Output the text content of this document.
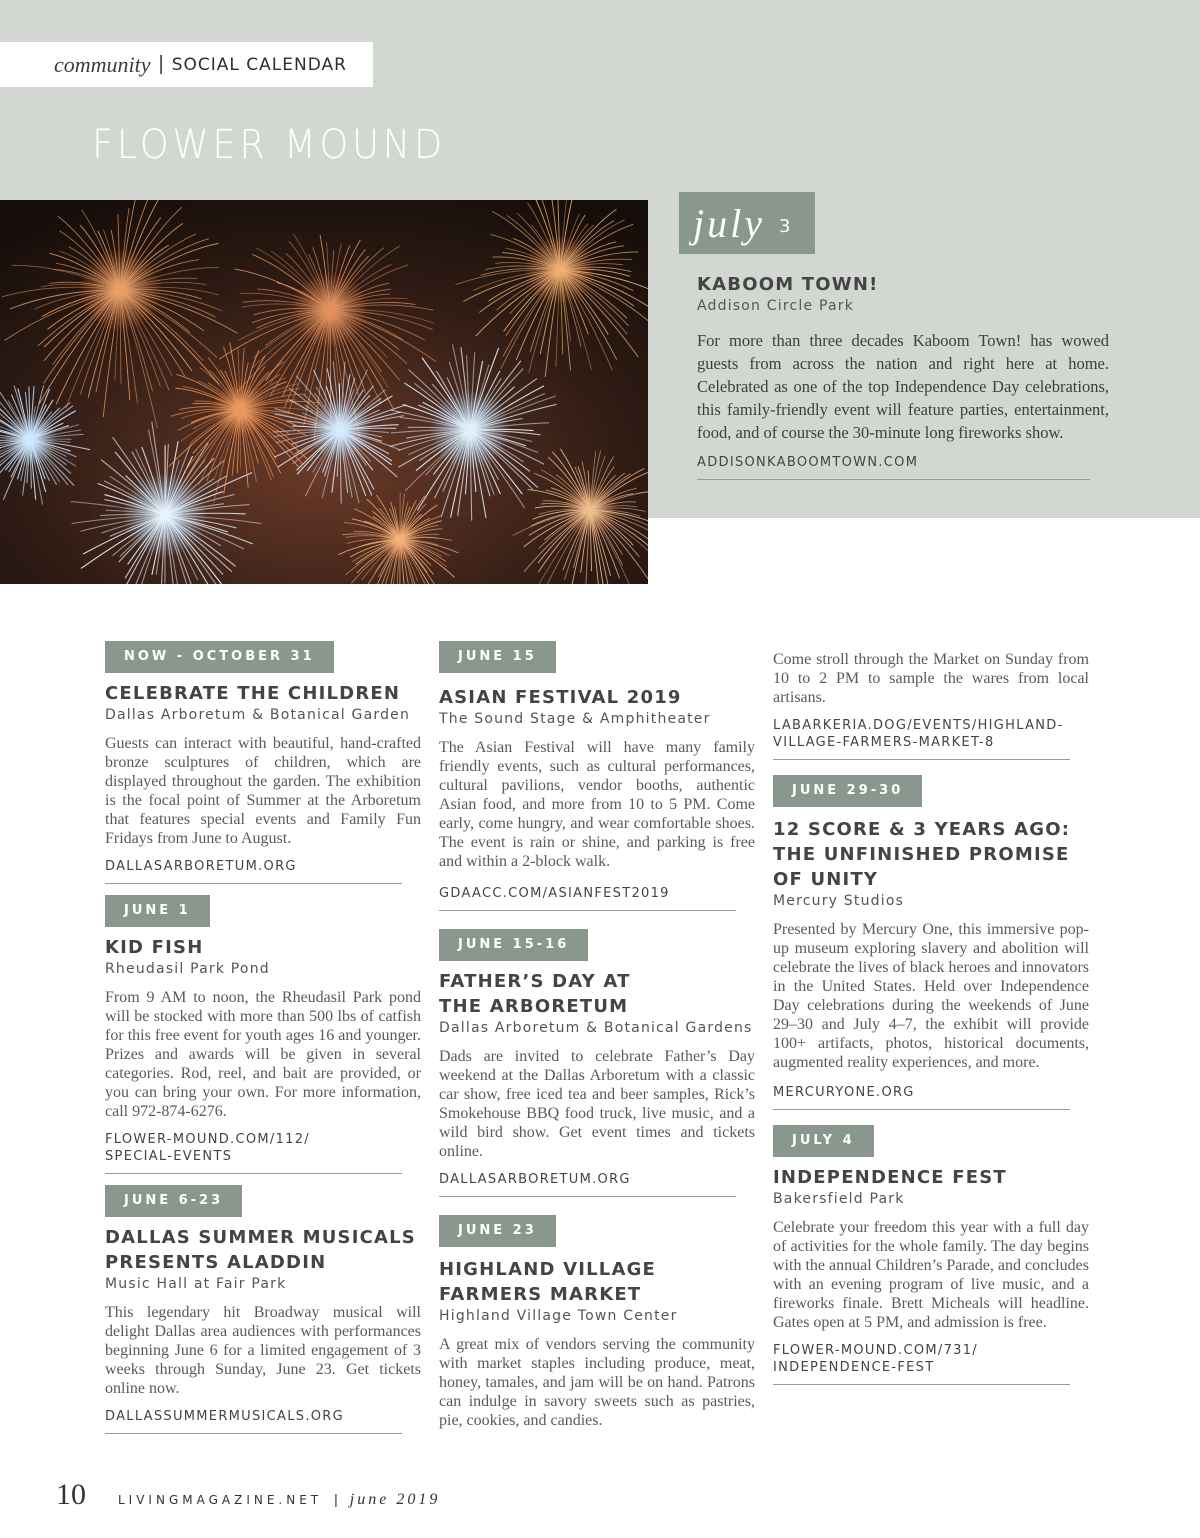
community | SOCIAL CALENDAR
FLOWER MOUND
july 3
KABOOM TOWN!
Addison Circle Park
For more than three decades Kaboom Town! has wowed guests from across the nation and right here at home. Celebrated as one of the top Independence Day celebrations, this family-friendly event will feature parties, entertainment, food, and of course the 30-minute long fireworks show.
ADDISONKABOOMTOWN.COM
NOW - OCTOBER 31
CELEBRATE THE CHILDREN
Dallas Arboretum & Botanical Garden
Guests can interact with beautiful, hand-crafted bronze sculptures of children, which are displayed throughout the garden. The exhibition is the focal point of Summer at the Arboretum that features special events and Family Fun Fridays from June to August.
DALLASARBORETUM.ORG
JUNE 1
KID FISH
Rheudasil Park Pond
From 9 AM to noon, the Rheudasil Park pond will be stocked with more than 500 lbs of catfish for this free event for youth ages 16 and younger. Prizes and awards will be given in several categories. Rod, reel, and bait are provided, or you can bring your own. For more information, call 972-874-6276.
FLOWER-MOUND.COM/112/ SPECIAL-EVENTS
JUNE 6-23
DALLAS SUMMER MUSICALS PRESENTS ALADDIN
Music Hall at Fair Park
This legendary hit Broadway musical will delight Dallas area audiences with performances beginning June 6 for a limited engagement of 3 weeks through Sunday, June 23. Get tickets online now.
DALLASSUMMERMUSICALS.ORG
JUNE 15
ASIAN FESTIVAL 2019
The Sound Stage & Amphitheater
The Asian Festival will have many family friendly events, such as cultural performances, cultural pavilions, vendor booths, authentic Asian food, and more from 10 to 5 PM. Come early, come hungry, and wear comfortable shoes. The event is rain or shine, and parking is free and within a 2-block walk.
GDAACC.COM/ASIANFEST2019
JUNE 15-16
FATHER’S DAY AT THE ARBORETUM
Dallas Arboretum & Botanical Gardens
Dads are invited to celebrate Father’s Day weekend at the Dallas Arboretum with a classic car show, free iced tea and beer samples, Rick’s Smokehouse BBQ food truck, live music, and a wild bird show. Get event times and tickets online.
DALLASARBORETUM.ORG
JUNE 23
HIGHLAND VILLAGE FARMERS MARKET
Highland Village Town Center
A great mix of vendors serving the community with market staples including produce, meat, honey, tamales, and jam will be on hand. Patrons can indulge in savory sweets such as pastries, pie, cookies, and candies.
Come stroll through the Market on Sunday from 10 to 2 PM to sample the wares from local artisans.
LABARKERIA.DOG/EVENTS/HIGHLAND-VILLAGE-FARMERS-MARKET-8
JUNE 29-30
12 SCORE & 3 YEARS AGO: THE UNFINISHED PROMISE OF UNITY
Mercury Studios
Presented by Mercury One, this immersive pop-up museum exploring slavery and abolition will celebrate the lives of black heroes and innovators in the United States. Held over Independence Day celebrations during the weekends of June 29–30 and July 4–7, the exhibit will provide 100+ artifacts, photos, historical documents, augmented reality experiences, and more.
MERCURYONE.ORG
JULY 4
INDEPENDENCE FEST
Bakersfield Park
Celebrate your freedom this year with a full day of activities for the whole family. The day begins with the annual Children’s Parade, and concludes with an evening program of live music, and a fireworks finale. Brett Micheals will headline. Gates open at 5 PM, and admission is free.
FLOWER-MOUND.COM/731/ INDEPENDENCE-FEST
10	LIVINGMAGAZINE.NET | june 2019
